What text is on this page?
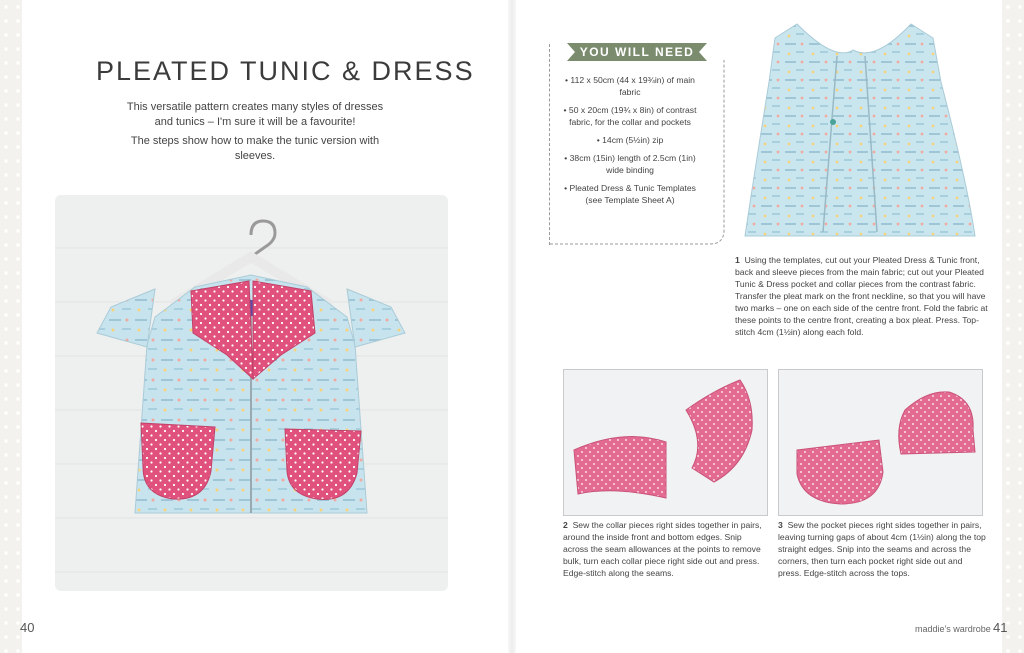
PLEATED TUNIC & DRESS
This versatile pattern creates many styles of dresses and tunics – I'm sure it will be a favourite!
The steps show how to make the tunic version with sleeves.
40
YOU WILL NEED
• 112 x 50cm (44 x 19¾in) of main fabric
• 50 x 20cm (19¾ x 8in) of contrast fabric, for the collar and pockets
• 14cm (5½in) zip
• 38cm (15in) length of 2.5cm (1in) wide binding
• Pleated Dress & Tunic Templates (see Template Sheet A)
1 Using the templates, cut out your Pleated Dress & Tunic front, back and sleeve pieces from the main fabric; cut out your Pleated Tunic & Dress pocket and collar pieces from the contrast fabric. Transfer the pleat mark on the front neckline, so that you will have two marks – one on each side of the centre front. Fold the fabric at these points to the centre front, creating a box pleat. Press. Top-stitch 4cm (1½in) along each fold.
2 Sew the collar pieces right sides together in pairs, around the inside front and bottom edges. Snip across the seam allowances at the points to remove bulk, turn each collar piece right side out and press. Edge-stitch along the seams.
3 Sew the pocket pieces right sides together in pairs, leaving turning gaps of about 4cm (1½in) along the top straight edges. Snip into the seams and across the corners, then turn each pocket right side out and press. Edge-stitch across the tops.
maddie's wardrobe 41
